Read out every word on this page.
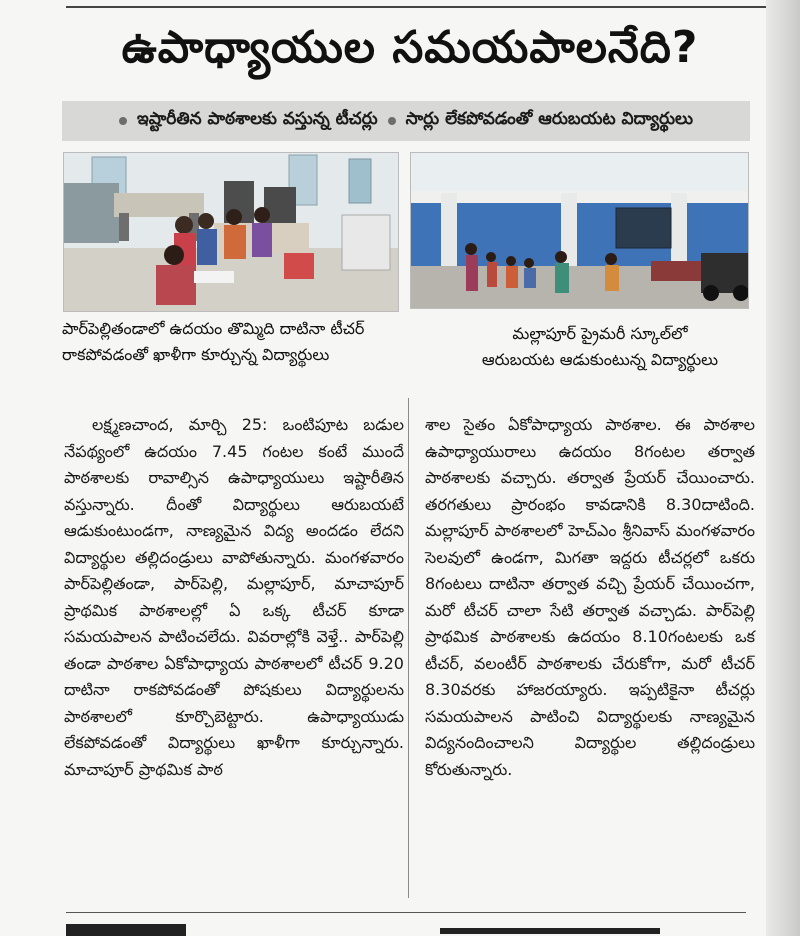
ఉపాధ్యాయుల సమయపాలనేది?
ఇష్టారీతిన పాఠశాలకు వస్తున్న టీచర్లు సార్లు లేకపోవడంతో ఆరుబయట విద్యార్థులు
పార్‌పెల్లితండాలో ఉదయం తొమ్మిది దాటినా టీచర్
రాకపోవడంతో ఖాళీగా కూర్చున్న విద్యార్థులు
మల్లాపూర్ ప్రైమరీ స్కూల్‌లో
ఆరుబయట ఆడుకుంటున్న విద్యార్థులు

లక్ష్మణచాంద, మార్చి 25: ఒంటిపూట బడుల నేపథ్యంలో ఉదయం 7.45 గంటల కంటే ముందే పాఠశాలకు రావాల్సిన ఉపాధ్యాయులు ఇష్టారీతిన వస్తున్నారు. దీంతో విద్యార్థులు ఆరుబయటే ఆడుకుంటుండగా, నాణ్యమైన విద్య అందడం లేదని విద్యార్థుల తల్లిదండ్రులు వాపోతున్నారు. మంగళవారం పార్‌పెల్లితండా, పార్‌పెల్లి, మల్లాపూర్, మాచాపూర్ ప్రాథమిక పాఠశాలల్లో ఏ ఒక్క టీచర్ కూడా సమయపాలన పాటించలేదు. వివరాల్లోకి వెళ్తే.. పార్‌పెల్లి తండా పాఠశాల ఏకోపాధ్యాయ పాఠశాలలో టీచర్ 9.20 దాటినా రాకపోవడంతో పోషకులు విద్యార్థులను పాఠశాలలో కూర్చొబెట్టారు. ఉపాధ్యాయుడు లేకపోవడంతో విద్యార్థులు ఖాళీగా కూర్చున్నారు. మాచాపూర్ ప్రాథమిక పాఠ

శాల సైతం ఏకోపాధ్యాయ పాఠశాల. ఈ పాఠశాల ఉపాధ్యాయురాలు ఉదయం 8గంటల తర్వాత పాఠశాలకు వచ్చారు. తర్వాత ప్రేయర్ చేయించారు. తరగతులు ప్రారంభం కావడానికి 8.30దాటింది. మల్లాపూర్ పాఠశాలలో హెచ్‌ఎం శ్రీనివాస్ మంగళవారం సెలవులో ఉండగా, మిగతా ఇద్దరు టీచర్లలో ఒకరు 8గంటలు దాటినా తర్వాత వచ్చి ప్రేయర్ చేయించగా, మరో టీచర్ చాలా సేటి తర్వాత వచ్చాడు. పార్‌పెల్లి ప్రాథమిక పాఠశాలకు ఉదయం 8.10గంటలకు ఒక టీచర్, వలంటీర్ పాఠశాలకు చేరుకోగా, మరో టీచర్ 8.30వరకు హాజరయ్యారు. ఇప్పటికైనా టీచర్లు సమయపాలన పాటించి విద్యార్థులకు నాణ్యమైన విద్యనందించాలని విద్యార్థుల తల్లిదండ్రులు కోరుతున్నారు.
